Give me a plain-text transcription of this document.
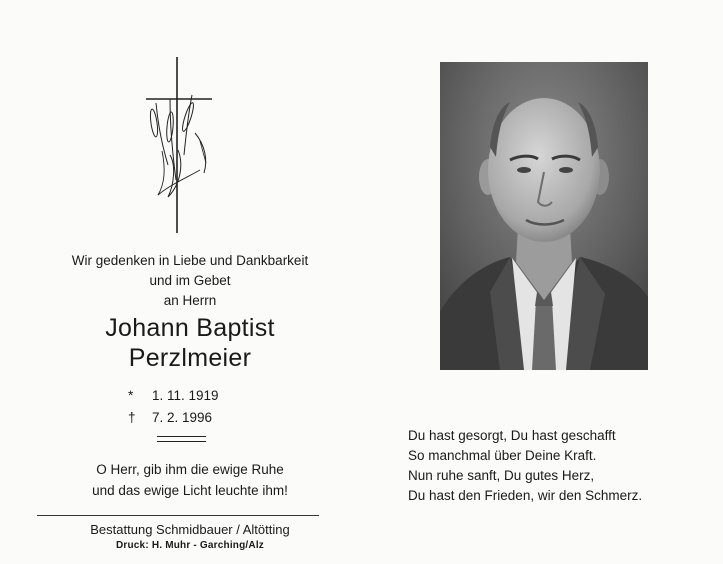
Wir gedenken in Liebe und Dankbarkeit
und im Gebet
an Herrn
Johann Baptist
Perzlmeier
* 1. 11. 1919
† 7. 2. 1996
O Herr, gib ihm die ewige Ruhe
und das ewige Licht leuchte ihm!
Bestattung Schmidbauer / Altötting
Druck: H. Muhr - Garching/Alz
Du hast gesorgt, Du hast geschafft
So manchmal über Deine Kraft.
Nun ruhe sanft, Du gutes Herz,
Du hast den Frieden, wir den Schmerz.
